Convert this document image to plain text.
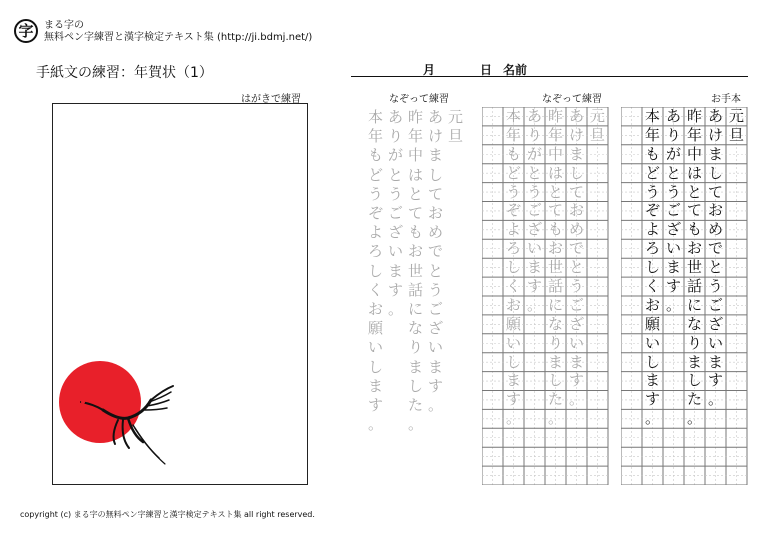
字	まる字の
無料ペン字練習と漢字検定テキスト集 (http://ji.bdmj.net/)
手紙文の練習：年賀状（1）	月	日 名前
はがきで練習	なぞって練習	なぞって練習	お手本
元
旦
あ
け
ま
し
て
お
め
で
と
う
ご
ざ
い
ま
す
。
昨
年
中
は
と
て
も
お
世
話
に
な
り
ま
し
た
。
あ
り
が
と
う
ご
ざ
い
ま
す
。
本
年
も
ど
う
ぞ
よ
ろ
し
く
お
願
い
し
ま
す
。
元
旦
あ
け
ま
し
て
お
め
で
と
う
ご
ざ
い
ま
す
。
昨
年
中
は
と
て
も
お
世
話
に
な
り
ま
し
た
。
あ
り
が
と
う
ご
ざ
い
ま
す
。
本
年
も
ど
う
ぞ
よ
ろ
し
く
お
願
い
し
ま
す
。
元
旦
あ
け
ま
し
て
お
め
で
と
う
ご
ざ
い
ま
す
。
昨
年
中
は
と
て
も
お
世
話
に
な
り
ま
し
た
。
あ
り
が
と
う
ご
ざ
い
ま
す
。
本
年
も
ど
う
ぞ
よ
ろ
し
く
お
願
い
し
ま
す
。
copyright (c) まる字の無料ペン字練習と漢字検定テキスト集 all right reserved.
